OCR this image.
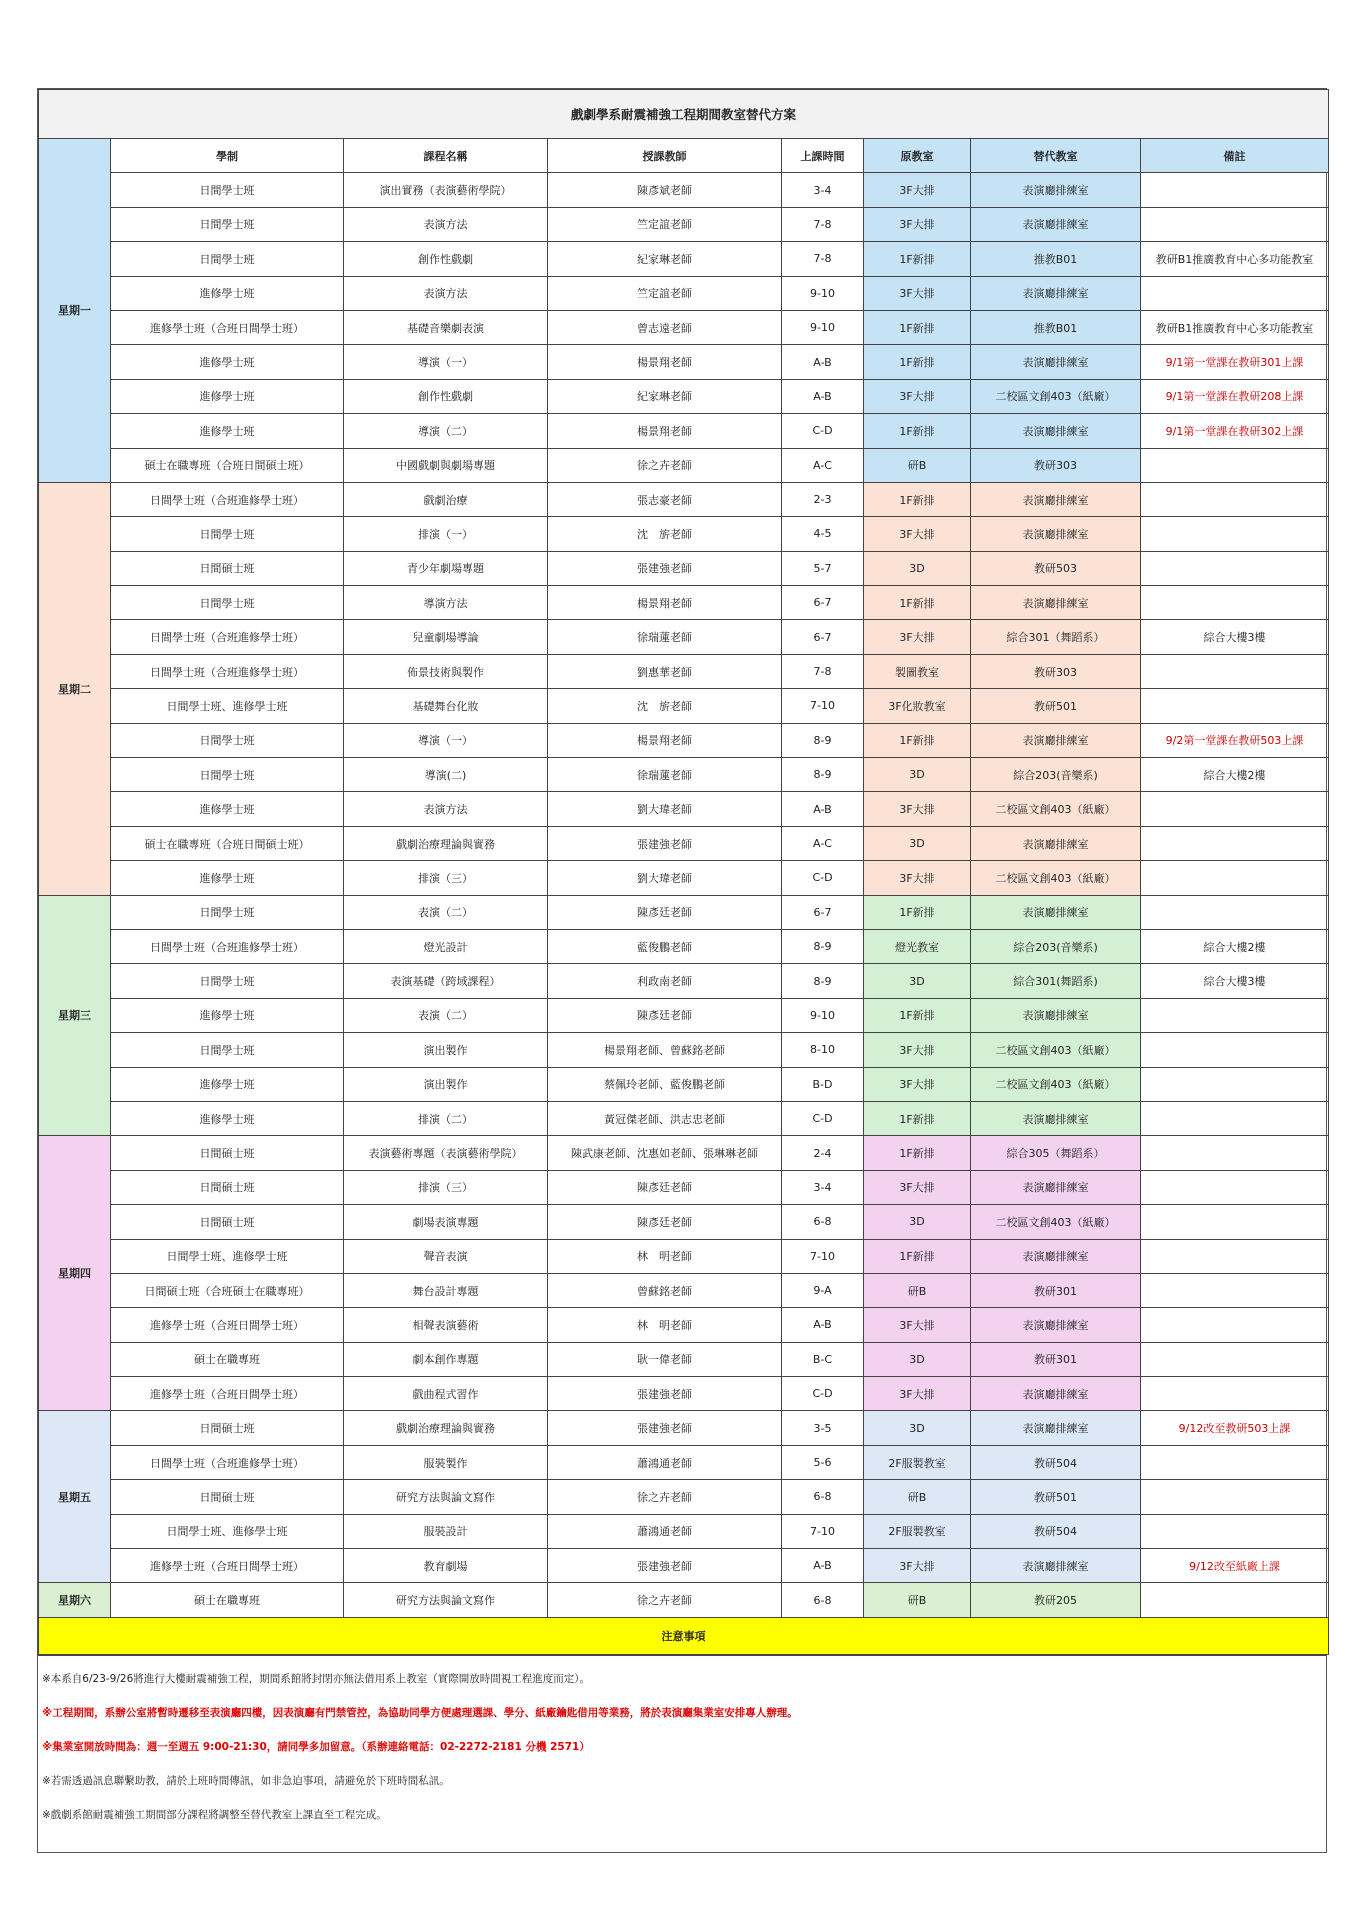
戲劇學系耐震補強工程期間教室替代方案							
星期一	學制	課程名稱	授課教師	上課時間	原教室	替代教室	備註
	日間學士班	演出實務（表演藝術學院）	陳彥斌老師	3-4	3F大排	表演廳排練室	
	日間學士班	表演方法	竺定誼老師	7-8	3F大排	表演廳排練室	
	日間學士班	創作性戲劇	紀家琳老師	7-8	1F新排	推教B01	教研B1推廣教育中心多功能教室
	進修學士班	表演方法	竺定誼老師	9-10	3F大排	表演廳排練室	
	進修學士班（合班日間學士班）	基礎音樂劇表演	曾志遠老師	9-10	1F新排	推教B01	教研B1推廣教育中心多功能教室
	進修學士班	導演（一）	楊景翔老師	A-B	1F新排	表演廳排練室	9/1第一堂課在教研301上課
	進修學士班	創作性戲劇	紀家琳老師	A-B	3F大排	二校區文創403（紙廠）	9/1第一堂課在教研208上課
	進修學士班	導演（二）	楊景翔老師	C-D	1F新排	表演廳排練室	9/1第一堂課在教研302上課
	碩士在職專班（合班日間碩士班）	中國戲劇與劇場專題	徐之卉老師	A-C	研B	教研303	
星期二	日間學士班（合班進修學士班）	戲劇治療	張志豪老師	2-3	1F新排	表演廳排練室	
	日間學士班	排演（一）	沈　旂老師	4-5	3F大排	表演廳排練室	
	日間碩士班	青少年劇場專題	張建強老師	5-7	3D	教研503	
	日間學士班	導演方法	楊景翔老師	6-7	1F新排	表演廳排練室	
	日間學士班（合班進修學士班）	兒童劇場導論	徐瑞蓮老師	6-7	3F大排	綜合301（舞蹈系）	綜合大樓3樓
	日間學士班（合班進修學士班）	佈景技術與製作	劉惠華老師	7-8	製圖教室	教研303	
	日間學士班、進修學士班	基礎舞台化妝	沈　旂老師	7-10	3F化妝教室	教研501	
	日間學士班	導演（一）	楊景翔老師	8-9	1F新排	表演廳排練室	9/2第一堂課在教研503上課
	日間學士班	導演(二)	徐瑞蓮老師	8-9	3D	綜合203(音樂系)	綜合大樓2樓
	進修學士班	表演方法	劉大瑋老師	A-B	3F大排	二校區文創403（紙廠）	
	碩士在職專班（合班日間碩士班）	戲劇治療理論與實務	張建強老師	A-C	3D	表演廳排練室	
	進修學士班	排演（三）	劉大瑋老師	C-D	3F大排	二校區文創403（紙廠）	
星期三	日間學士班	表演（二）	陳彥廷老師	6-7	1F新排	表演廳排練室	
	日間學士班（合班進修學士班）	燈光設計	藍俊鵬老師	8-9	燈光教室	綜合203(音樂系)	綜合大樓2樓
	日間學士班	表演基礎（跨域課程）	利政南老師	8-9	3D	綜合301(舞蹈系)	綜合大樓3樓
	進修學士班	表演（二）	陳彥廷老師	9-10	1F新排	表演廳排練室	
	日間學士班	演出製作	楊景翔老師、曾蘇銘老師	8-10	3F大排	二校區文創403（紙廠）	
	進修學士班	演出製作	蔡佩玲老師、藍俊鵬老師	B-D	3F大排	二校區文創403（紙廠）	
	進修學士班	排演（二）	黃冠傑老師、洪志忠老師	C-D	1F新排	表演廳排練室	
星期四	日間碩士班	表演藝術專題（表演藝術學院）	陳武康老師、沈惠如老師、張琳琳老師	2-4	1F新排	綜合305（舞蹈系）	
	日間碩士班	排演（三）	陳彥廷老師	3-4	3F大排	表演廳排練室	
	日間碩士班	劇場表演專題	陳彥廷老師	6-8	3D	二校區文創403（紙廠）	
	日間學士班、進修學士班	聲音表演	林　明老師	7-10	1F新排	表演廳排練室	
	日間碩士班（合班碩士在職專班）	舞台設計專題	曾蘇銘老師	9-A	研B	教研301	
	進修學士班（合班日間學士班）	相聲表演藝術	林　明老師	A-B	3F大排	表演廳排練室	
	碩士在職專班	劇本創作專題	耿一偉老師	B-C	3D	教研301	
	進修學士班（合班日間學士班）	戲曲程式習作	張建強老師	C-D	3F大排	表演廳排練室	
星期五	日間碩士班	戲劇治療理論與實務	張建強老師	3-5	3D	表演廳排練室	9/12改至教研503上課
	日間學士班（合班進修學士班）	服裝製作	蕭鴻通老師	5-6	2F服製教室	教研504	
	日間碩士班	研究方法與論文寫作	徐之卉老師	6-8	研B	教研501	
	日間學士班、進修學士班	服裝設計	蕭鴻通老師	7-10	2F服製教室	教研504	
	進修學士班（合班日間學士班）	教育劇場	張建強老師	A-B	3F大排	表演廳排練室	9/12改至紙廠上課
星期六	碩士在職專班	研究方法與論文寫作	徐之卉老師	6-8	研B	教研205	
注意事項							
※本系自6/23-9/26將進行大樓耐震補強工程，期間系館將封閉亦無法借用系上教室（實際開放時間視工程進度而定）。
※工程期間，系辦公室將暫時遷移至表演廳四樓，因表演廳有門禁管控，為協助同學方便處理選課、學分、紙廠鑰匙借用等業務，將於表演廳集業室安排專人辦理。
※集業室開放時間為：週一至週五 9:00-21:30，請同學多加留意。（系辦連絡電話：02-2272-2181 分機 2571）
※若需透過訊息聯繫助教，請於上班時間傳訊，如非急迫事項，請避免於下班時間私訊。
※戲劇系館耐震補強工期間部分課程將調整至替代教室上課直至工程完成。
